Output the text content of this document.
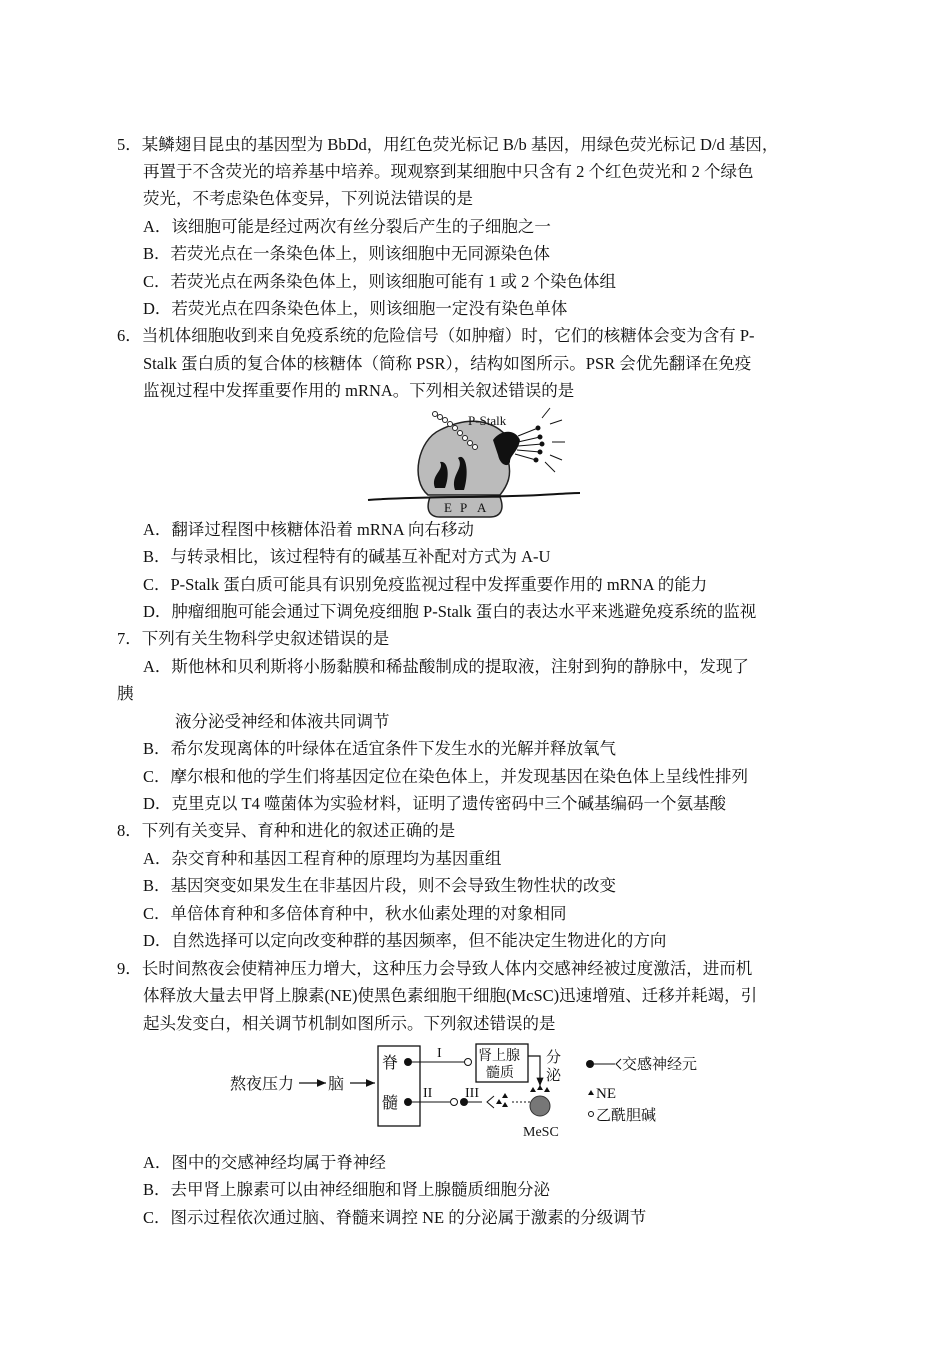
5．某鳞翅目昆虫的基因型为 BbDd，用红色荧光标记 B/b 基因，用绿色荧光标记 D/d 基因，
再置于不含荧光的培养基中培养。现观察到某细胞中只含有 2 个红色荧光和 2 个绿色
荧光，不考虑染色体变异，下列说法错误的是
A．该细胞可能是经过两次有丝分裂后产生的子细胞之一
B．若荧光点在一条染色体上，则该细胞中无同源染色体
C．若荧光点在两条染色体上，则该细胞可能有 1 或 2 个染色体组
D．若荧光点在四条染色体上，则该细胞一定没有染色单体
6．当机体细胞收到来自免疫系统的危险信号（如肿瘤）时，它们的核糖体会变为含有 P-
Stalk 蛋白质的复合体的核糖体（简称 PSR），结构如图所示。PSR 会优先翻译在免疫
监视过程中发挥重要作用的 mRNA。下列相关叙述错误的是
P-Stalk
E P A
A．翻译过程图中核糖体沿着 mRNA 向右移动
B．与转录相比，该过程特有的碱基互补配对方式为 A-U
C．P-Stalk 蛋白质可能具有识别免疫监视过程中发挥重要作用的 mRNA 的能力
D．肿瘤细胞可能会通过下调免疫细胞 P-Stalk 蛋白的表达水平来逃避免疫系统的监视
7．下列有关生物科学史叙述错误的是
A．斯他林和贝利斯将小肠黏膜和稀盐酸制成的提取液，注射到狗的静脉中，发现了
胰
液分泌受神经和体液共同调节
B．希尔发现离体的叶绿体在适宜条件下发生水的光解并释放氧气
C．摩尔根和他的学生们将基因定位在染色体上，并发现基因在染色体上呈线性排列
D．克里克以 T4 噬菌体为实验材料，证明了遗传密码中三个碱基编码一个氨基酸
8．下列有关变异、育种和进化的叙述正确的是
A．杂交育种和基因工程育种的原理均为基因重组
B．基因突变如果发生在非基因片段，则不会导致生物性状的改变
C．单倍体育种和多倍体育种中，秋水仙素处理的对象相同
D．自然选择可以定向改变种群的基因频率，但不能决定生物进化的方向
9．长时间熬夜会使精神压力增大，这种压力会导致人体内交感神经被过度激活，进而机
体释放大量去甲肾上腺素(NE)使黑色素细胞干细胞(McSC)迅速增殖、迁移并耗竭，引
起头发变白，相关调节机制如图所示。下列叙述错误的是
熬夜压力 脑
脊
髓
I	肾上腺
髓质
分
泌
II III
MeSC
交感神经元
NE
乙酰胆碱
A．图中的交感神经均属于脊神经
B．去甲肾上腺素可以由神经细胞和肾上腺髓质细胞分泌
C．图示过程依次通过脑、脊髓来调控 NE 的分泌属于激素的分级调节
